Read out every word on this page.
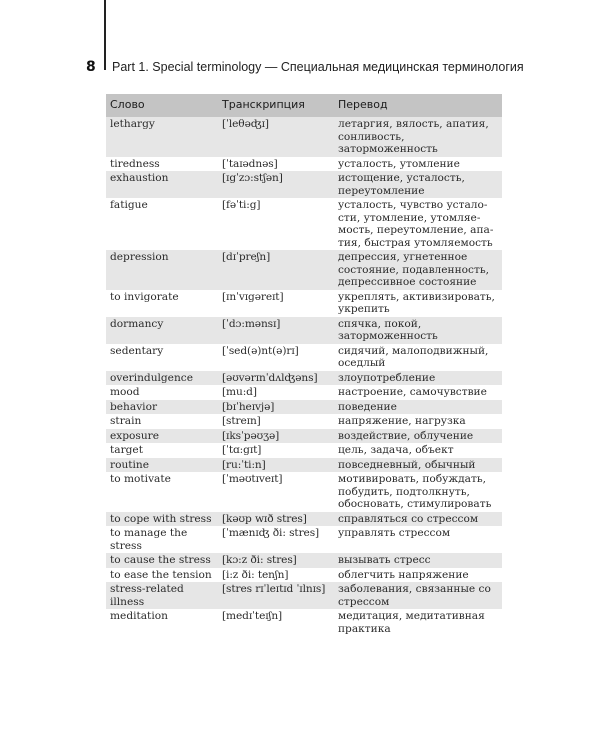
8	Part 1. Special terminology — Специальная медицинская терминология
Слово	Транскрипция	Перевод
lethargy	[ˈleθəʤɪ]	летаргия, вялость, апатия, сонливость, заторможенность
tiredness	[ˈtaɪədnəs]	усталость, утомление
exhaustion	[ɪgˈzɔ:stʃən]	истощение, усталость, переутомление
fatigue	[fəˈti:g]	усталость, чувство устало-сти, утомление, утомляе-мость, переутомление, апа-тия, быстрая утомляемость
depression	[dɪˈpreʃn]	депрессия, угнетенное состояние, подавленность, депрессивное состояние
to invigorate	[ɪnˈvɪgəreɪt]	укреплять, активизировать, укрепить
dormancy	[ˈdɔ:mənsɪ]	спячка, покой, заторможенность
sedentary	[ˈsed(ə)nt(ə)rɪ]	сидячий, малоподвижный, оседлый
overindulgence	[əʊvərɪnˈdʌlʤəns]	злоупотребление
mood	[mu:d]	настроение, самочувствие
behavior	[bɪˈheɪvjə]	поведение
strain	[streɪn]	напряжение, нагрузка
exposure	[ɪksˈpəʊʒə]	воздействие, облучение
target	[ˈtɑ:gɪt]	цель, задача, объект
routine	[ru:ˈti:n]	повседневный, обычный
to motivate	[ˈməʊtɪveɪt]	мотивировать, побуждать, побудить, подтолкнуть, обосновать, стимулировать
to cope with stress	[kəʊp wɪð stres]	справляться со стрессом
to manage the stress	[ˈmænɪʤ ði: stres]	управлять стрессом
to cause the stress	[kɔ:z ði: stres]	вызывать стресс
to ease the tension	[i:z ði: tenʃn]	облегчить напряжение
stress-related illness	[stres rɪˈleɪtɪd ˈɪlnɪs]	заболевания, связанные со стрессом
meditation	[medɪˈteɪʃn]	медитация, медитативная практика
